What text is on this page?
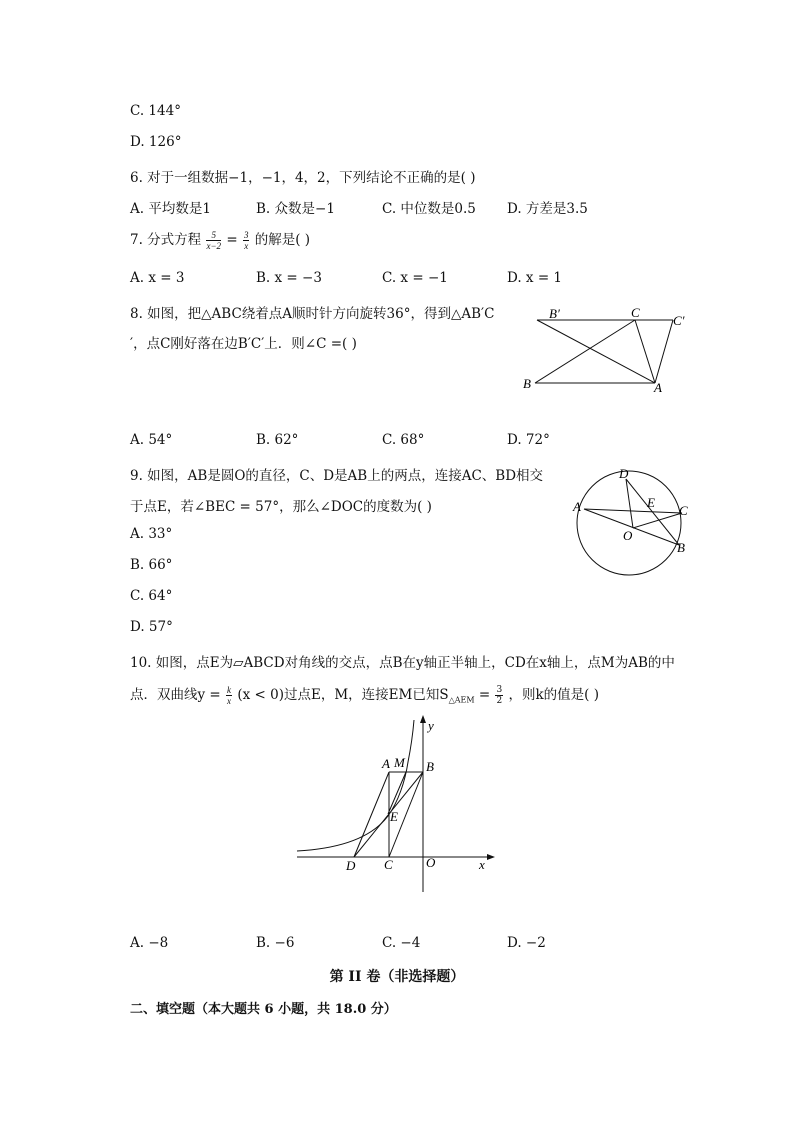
C. 144°
D. 126°
6. 对于一组数据−1，−1，4，2，下列结论不正确的是( )
A. 平均数是1	B. 众数是−1	C. 中位数是0.5 D. 方差是3.5
7. 分式方程 $\frac{5}{x-2} = \frac{3}{x}$ 的解是( )
A. x = 3	B. x = −3	C. x = −1	D. x = 1
8. 如图，把△ABC绕着点A顺时针方向旋转36°，得到△AB′C
′，点C刚好落在边B′C′上．则∠C =( )
B′	C
C′
B	A
A. 54°	B. 62°	C. 68°	D. 72°
9. 如图，AB是圆O的直径，C、D是AB上的两点，连接AC、BD相交
于点E，若∠BEC = 57°，那么∠DOC的度数为( )
D
A	E
C
O
B
A. 33°
B. 66°
C. 64°
D. 57°
10. 如图，点E为▱ABCD对角线的交点，点B在y轴正半轴上，CD在x轴上，点M为AB的中
点．双曲线$y = \frac{k}{x} (x < 0)$过点E，M，连接EM已知$S_{\triangle AEM} = \frac{3}{2}$ ，则k的值是( )
y
A M B
E
D C	O	x
A. −8	B. −6	C. −4	D. −2
第 II 卷（非选择题）
二、填空题（本大题共 6 小题，共 18.0 分）
